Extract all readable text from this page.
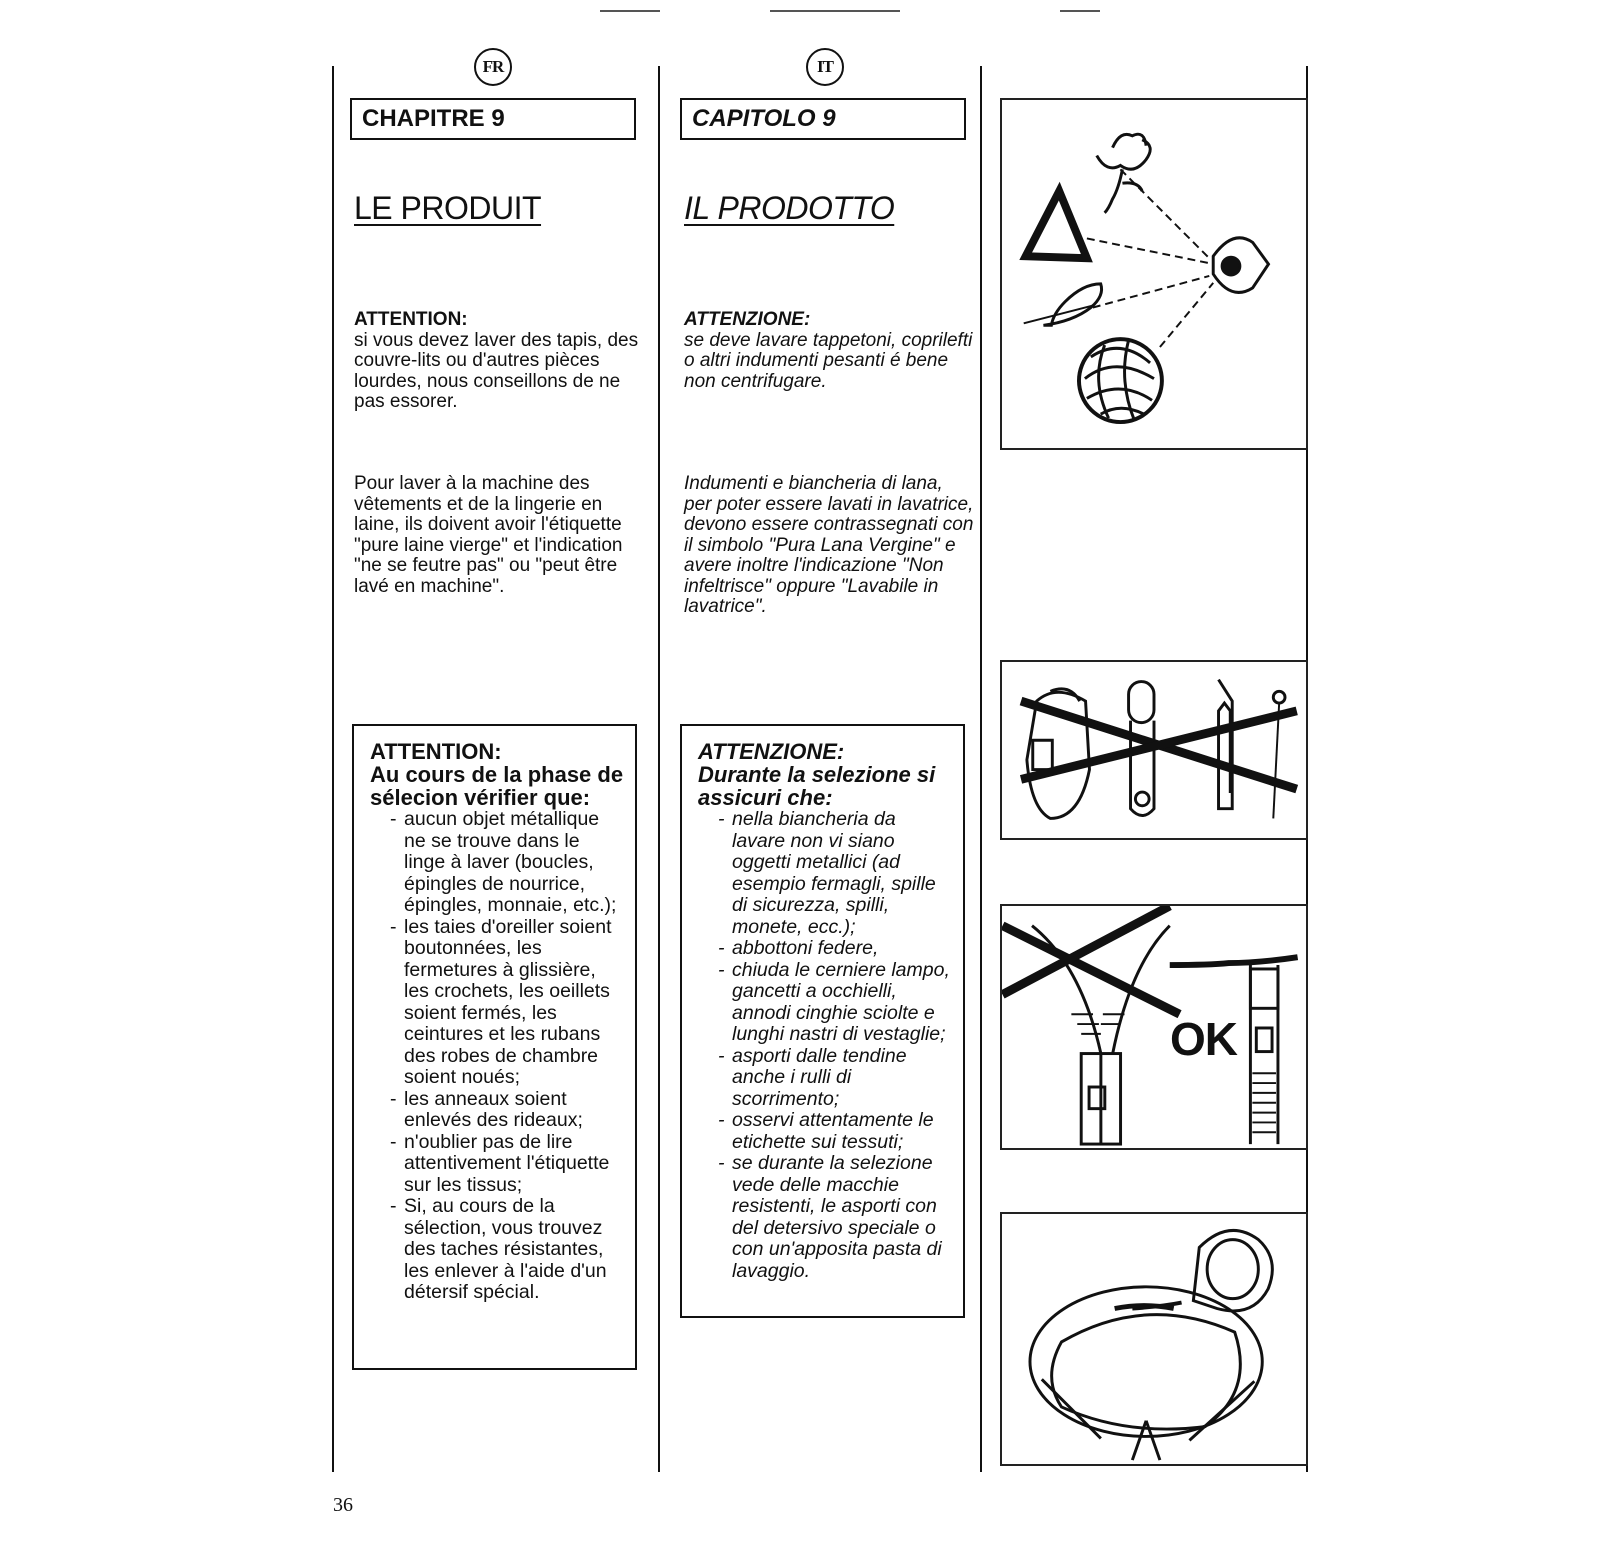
FR
CHAPITRE 9
LE PRODUIT
ATTENTION:
si vous devez laver des tapis, des couvre-lits ou d'autres pièces lourdes, nous conseillons de ne pas essorer.
Pour laver à la machine des vêtements et de la lingerie en laine, ils doivent avoir l'étiquette "pure laine vierge" et l'indication "ne se feutre pas" ou "peut être lavé en machine".
ATTENTION:
Au cours de la phase de sélecion vérifier que:
- aucun objet métallique ne se trouve dans le linge à laver (boucles, épingles de nourrice, épingles, monnaie, etc.);
- les taies d'oreiller soient boutonnées, les fermetures à glissière, les crochets, les oeillets soient fermés, les ceintures et les rubans des robes de chambre soient noués;
- les anneaux soient enlevés des rideaux;
- n'oublier pas de lire attentivement l'étiquette sur les tissus;
- Si, au cours de la sélection, vous trouvez des taches résistantes, les enlever à l'aide d'un détersif spécial.
IT
CAPITOLO 9
IL PRODOTTO
ATTENZIONE:
se deve lavare tappetoni, coprilefti o altri indumenti pesanti é bene non centrifugare.
Indumenti e biancheria di lana, per poter essere lavati in lavatrice, devono essere contrassegnati con il simbolo "Pura Lana Vergine" e avere inoltre l'indicazione "Non infeltrisce" oppure "Lavabile in lavatrice".
ATTENZIONE:
Durante la selezione si assicuri che:
- nella biancheria da lavare non vi siano oggetti metallici (ad esempio fermagli, spille di sicurezza, spilli, monete, ecc.);
- abbottoni federe,
- chiuda le cerniere lampo, gancetti a occhielli, annodi cinghie sciolte e lunghi nastri di vestaglie;
- asporti dalle tendine anche i rulli di scorrimento;
- osservi attentamente le etichette sui tessuti;
- se durante la selezione vede delle macchie resistenti, le asporti con del detersivo speciale o con un'apposita pasta di lavaggio.
OK
36
